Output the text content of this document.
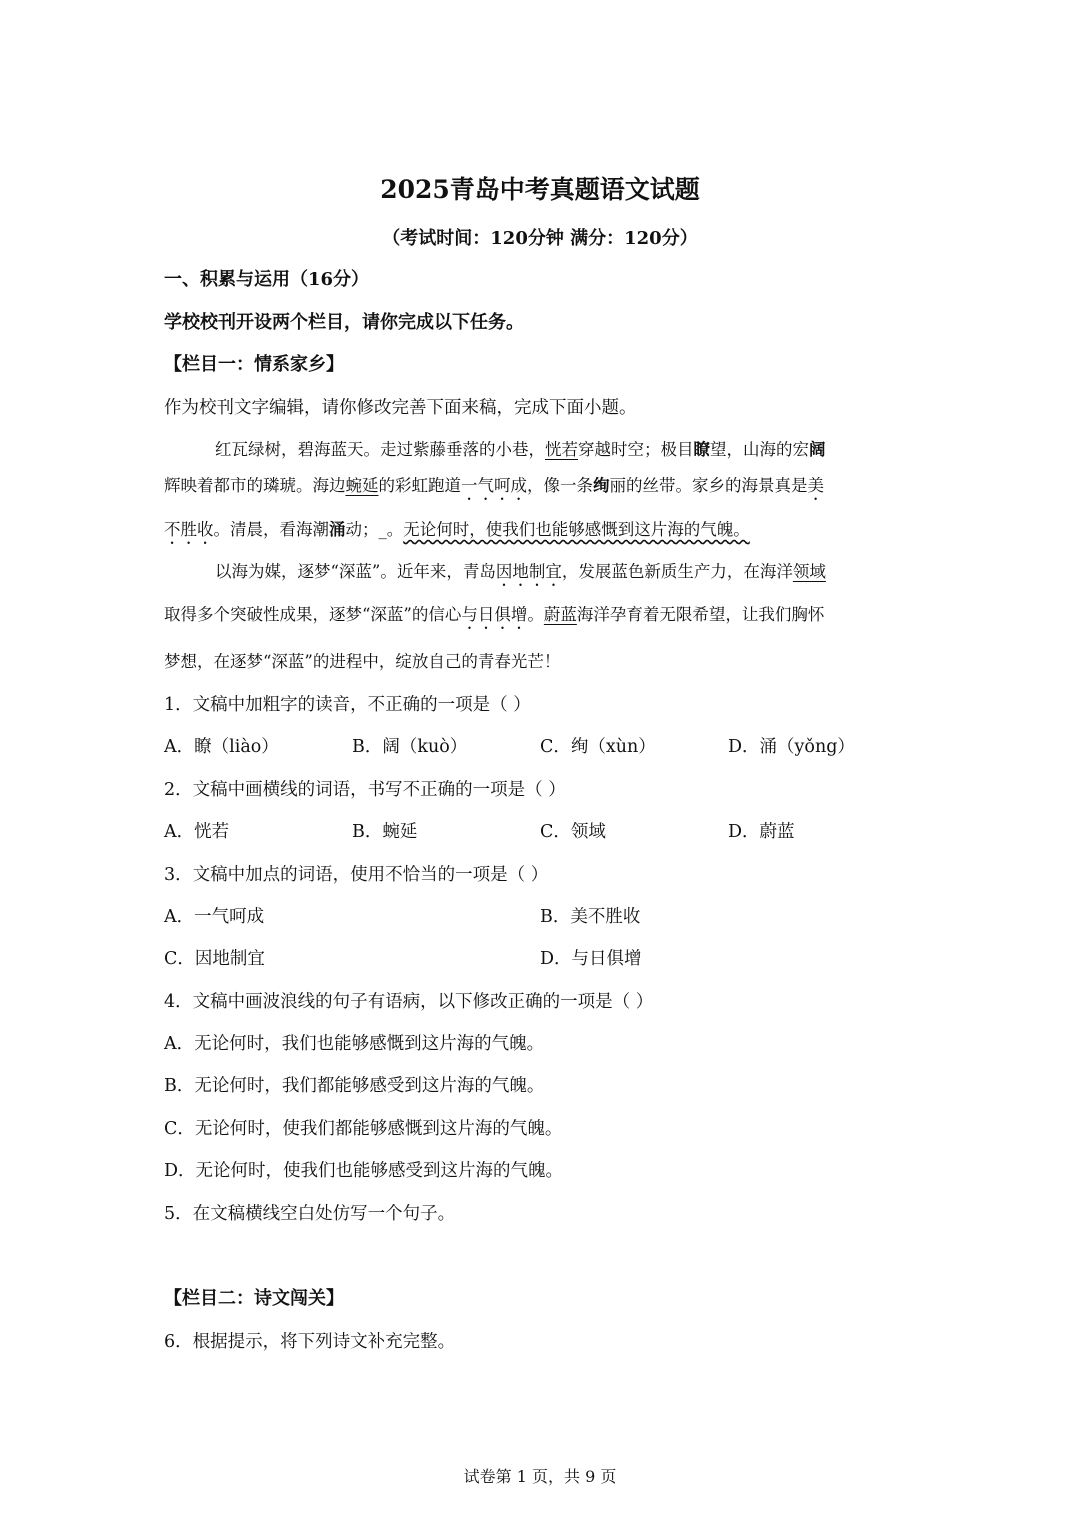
2025青岛中考真题语文试题
（考试时间：120分钟 满分：120分）
一、积累与运用（16分）
学校校刊开设两个栏目，请你完成以下任务。
【栏目一：情系家乡】
作为校刊文字编辑，请你修改完善下面来稿，完成下面小题。
红瓦绿树，碧海蓝天。走过紫藤垂落的小巷，恍若穿越时空；极目瞭望，山海的宏阔
辉映着都市的璘琥。海边蜿延的彩虹跑道一气呵成，像一条绚丽的丝带。家乡的海景真是美
不胜收。清晨，看海潮涌动；_。无论何时，使我们也能够感慨到这片海的气魄。
以海为媒，逐梦“深蓝”。近年来，青岛因地制宜，发展蓝色新质生产力，在海洋领域
取得多个突破性成果，逐梦“深蓝”的信心与日俱增。蔚蓝海洋孕育着无限希望，让我们胸怀
梦想，在逐梦“深蓝”的进程中，绽放自己的青春光芒！
1．文稿中加粗字的读音，不正确的一项是（ ）
A．瞭（liào）	B．阔（kuò）	C．绚（xùn）	D．涌（yǒng）
2．文稿中画横线的词语，书写不正确的一项是（ ）
A．恍若	B．蜿延	C．领域	D．蔚蓝
3．文稿中加点的词语，使用不恰当的一项是（ ）
A．一气呵成	B．美不胜收
C．因地制宜	D．与日俱增
4．文稿中画波浪线的句子有语病，以下修改正确的一项是（ ）
A．无论何时，我们也能够感慨到这片海的气魄。
B．无论何时，我们都能够感受到这片海的气魄。
C．无论何时，使我们都能够感慨到这片海的气魄。
D．无论何时，使我们也能够感受到这片海的气魄。
5．在文稿横线空白处仿写一个句子。
【栏目二：诗文闯关】
6．根据提示，将下列诗文补充完整。
试卷第 1 页，共 9 页
